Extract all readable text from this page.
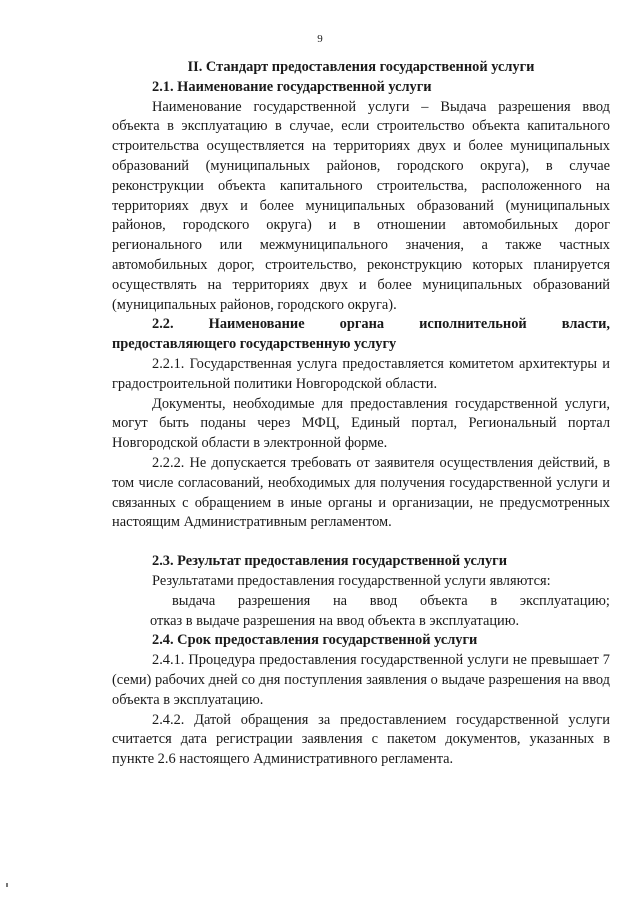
9

II. Стандарт предоставления государственной услуги

2.1. Наименование государственной услуги

Наименование государственной услуги – Выдача разрешения ввод объекта в эксплуатацию в случае, если строительство объекта капитального строительства осуществляется на территориях двух и более муниципальных образований (муниципальных районов, городского округа), в случае реконструкции объекта капитального строительства, расположенного на территориях двух и более муниципальных образований (муниципальных районов, городского округа) и в отношении автомобильных дорог регионального или межмуниципального значения, а также частных автомобильных дорог, строительство, реконструкцию которых планируется осуществлять на территориях двух и более муниципальных образований (муниципальных районов, городского округа).

2.2. Наименование органа исполнительной власти,

предоставляющего государственную услугу

2.2.1. Государственная услуга предоставляется комитетом архитектуры и градостроительной политики Новгородской области.

Документы, необходимые для предоставления государственной услуги, могут быть поданы через МФЦ, Единый портал, Региональный портал Новгородской области в электронной форме.

2.2.2. Не допускается требовать от заявителя осуществления действий, в том числе согласований, необходимых для получения государственной услуги и связанных с обращением в иные органы и организации, не предусмотренных настоящим Административным регламентом.

2.3. Результат предоставления государственной услуги

Результатами предоставления государственной услуги являются:

выдача разрешения на ввод объекта в эксплуатацию;

отказ в выдаче разрешения на ввод объекта в эксплуатацию.

2.4. Срок предоставления государственной услуги

2.4.1. Процедура предоставления государственной услуги не превышает 7 (семи) рабочих дней со дня поступления заявления о выдаче разрешения на ввод объекта в эксплуатацию.

2.4.2. Датой обращения за предоставлением государственной услуги считается дата регистрации заявления с пакетом документов, указанных в пункте 2.6 настоящего Административного регламента.
